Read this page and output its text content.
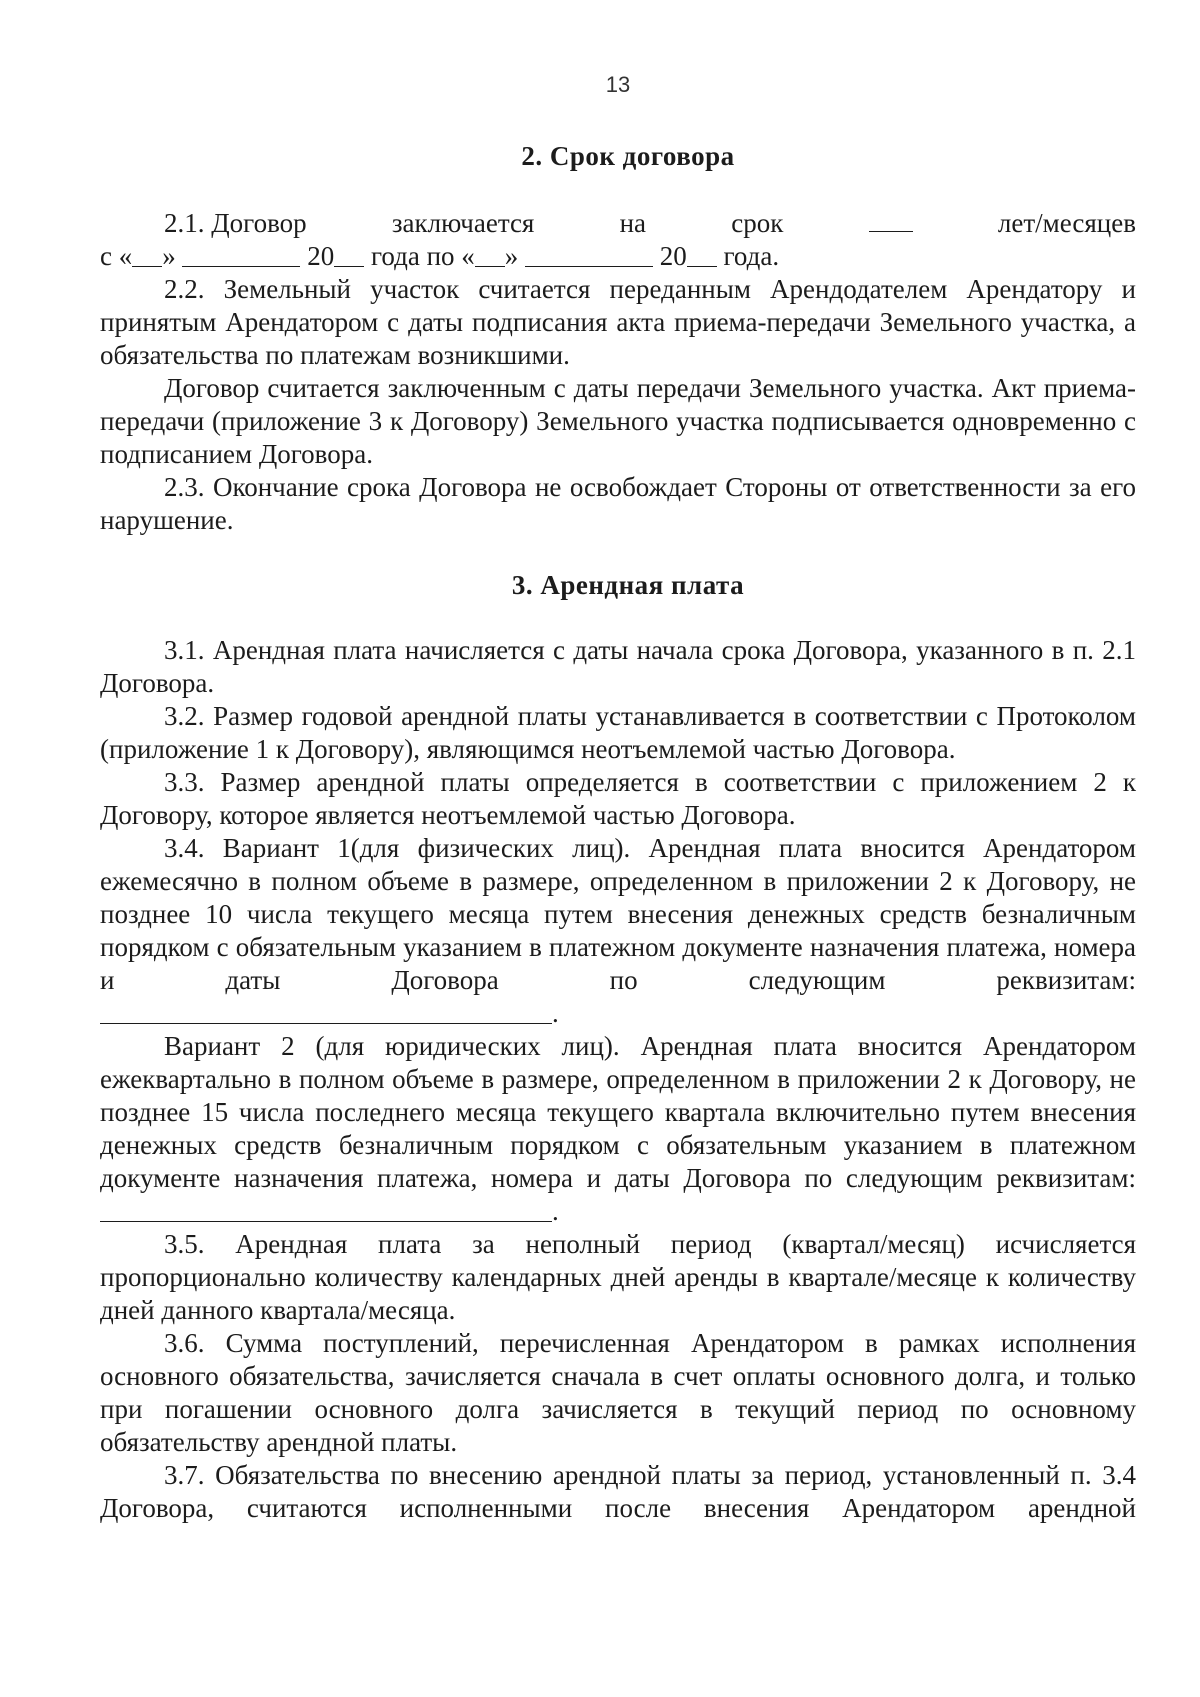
13
2. Срок договора
2.1. Договор	заключается	на	срок	лет/месяцев
с « »	20 года по « »	20 года.

2.2. Земельный участок считается переданным Арендодателем Арендатору и принятым Арендатором с даты подписания акта приема-передачи Земельного участка, а обязательства по платежам возникшими.

Договор считается заключенным с даты передачи Земельного участка. Акт приема-передачи (приложение 3 к Договору) Земельного участка подписывается одновременно с подписанием Договора.

2.3. Окончание срока Договора не освобождает Стороны от ответственности за его нарушение.

3. Арендная плата

3.1. Арендная плата начисляется с даты начала срока Договора, указанного в п. 2.1 Договора.

3.2. Размер годовой арендной платы устанавливается в соответствии с Протоколом (приложение 1 к Договору), являющимся неотъемлемой частью Договора.

3.3. Размер арендной платы определяется в соответствии с приложением 2 к Договору, которое является неотъемлемой частью Договора.

3.4. Вариант 1(для физических лиц). Арендная плата вносится Арендатором ежемесячно в полном объеме в размере, определенном в приложении 2 к Договору, не позднее 10 числа текущего месяца путем внесения денежных средств безналичным порядком с обязательным указанием в платежном документе назначения платежа, номера и даты Договора по следующим реквизитам:

.

Вариант 2 (для юридических лиц). Арендная плата вносится Арендатором ежеквартально в полном объеме в размере, определенном в приложении 2 к Договору, не позднее 15 числа последнего месяца текущего квартала включительно путем внесения денежных средств безналичным порядком с обязательным указанием в платежном документе назначения платежа, номера и даты Договора по следующим реквизитам:

.

3.5. Арендная плата за неполный период (квартал/месяц) исчисляется пропорционально количеству календарных дней аренды в квартале/месяце к количеству дней данного квартала/месяца.

3.6. Сумма поступлений, перечисленная Арендатором в рамках исполнения основного обязательства, зачисляется сначала в счет оплаты основного долга, и только при погашении основного долга зачисляется в текущий период по основному обязательству арендной платы.

3.7. Обязательства по внесению арендной платы за период, установленный п. 3.4 Договора, считаются исполненными после внесения Арендатором арендной
